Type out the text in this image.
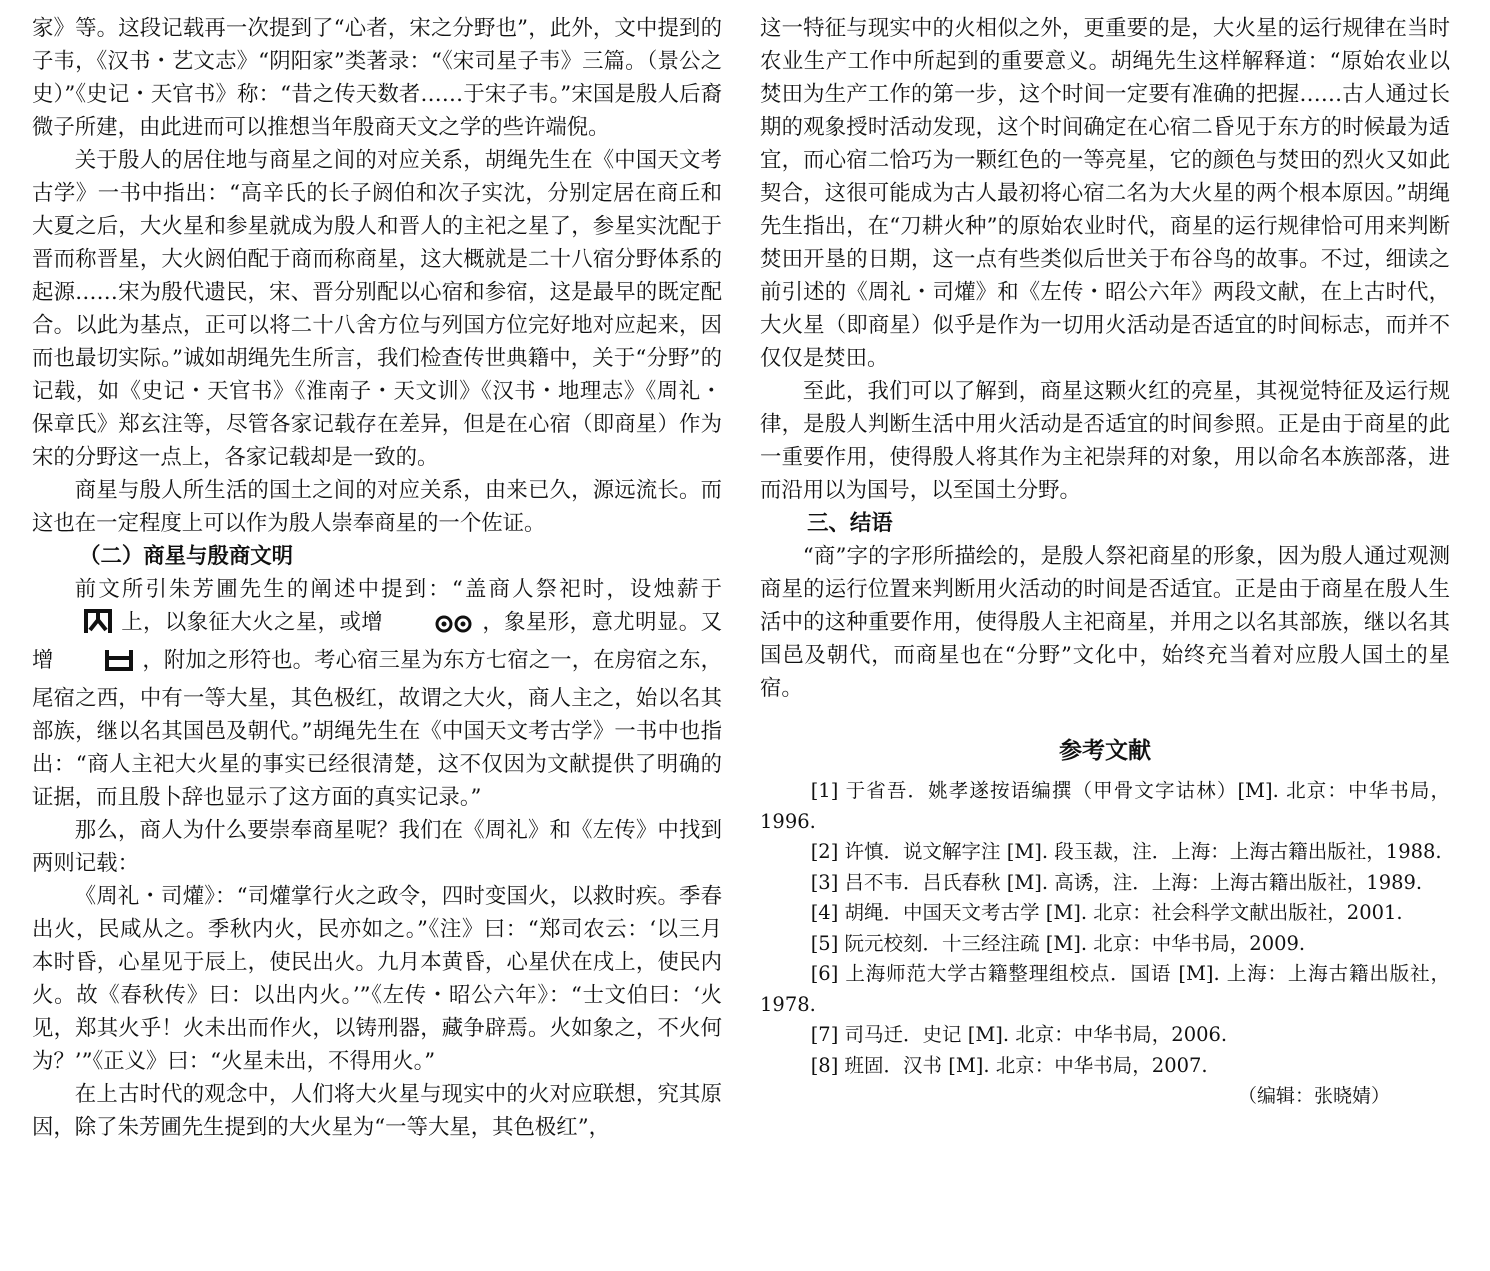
家》等。这段记载再一次提到了“心者，宋之分野也”，此外，文中提到的子韦，《汉书・艺文志》“阴阳家”类著录：“《宋司星子韦》三篇。（景公之史）”《史记・天官书》称：“昔之传天数者……于宋子韦。”宋国是殷人后裔微子所建，由此进而可以推想当年殷商天文之学的些许端倪。

关于殷人的居住地与商星之间的对应关系，胡绳先生在《中国天文考古学》一书中指出：“高辛氏的长子阏伯和次子实沈，分别定居在商丘和大夏之后，大火星和参星就成为殷人和晋人的主祀之星了，参星实沈配于晋而称晋星，大火阏伯配于商而称商星，这大概就是二十八宿分野体系的起源……宋为殷代遗民，宋、晋分别配以心宿和参宿，这是最早的既定配合。以此为基点，正可以将二十八舍方位与列国方位完好地对应起来，因而也最切实际。”诚如胡绳先生所言，我们检查传世典籍中，关于“分野”的记载，如《史记・天官书》《淮南子・天文训》《汉书・地理志》《周礼・保章氏》郑玄注等，尽管各家记载存在差异，但是在心宿（即商星）作为宋的分野这一点上，各家记载却是一致的。

商星与殷人所生活的国土之间的对应关系，由来已久，源远流长。而这也在一定程度上可以作为殷人崇奉商星的一个佐证。

（二）商星与殷商文明

前文所引朱芳圃先生的阐述中提到：“盖商人祭祀时，设烛薪于上，以象征大火之星，或增	，象星形，意尤明显。又增	，附加之形符也。考心宿三星为东方七宿之一，在房宿之东，尾宿之西，中有一等大星，其色极红，故谓之大火，商人主之，始以名其部族，继以名其国邑及朝代。”胡绳先生在《中国天文考古学》一书中也指出：“商人主祀大火星的事实已经很清楚，这不仅因为文献提供了明确的证据，而且殷卜辞也显示了这方面的真实记录。”

那么，商人为什么要崇奉商星呢？我们在《周礼》和《左传》中找到两则记载：

《周礼・司爟》：“司爟掌行火之政令，四时变国火，以救时疾。季春出火，民咸从之。季秋内火，民亦如之。”《注》曰：“郑司农云：‘以三月本时昏，心星见于辰上，使民出火。九月本黄昏，心星伏在戌上，使民内火。故《春秋传》曰：以出内火。’”《左传・昭公六年》：“士文伯曰：‘火见，郑其火乎！火未出而作火，以铸刑器，藏争辟焉。火如象之，不火何为？’”《正义》曰：“火星未出，不得用火。”

在上古时代的观念中，人们将大火星与现实中的火对应联想，究其原因，除了朱芳圃先生提到的大火星为“一等大星，其色极红”，

这一特征与现实中的火相似之外，更重要的是，大火星的运行规律在当时农业生产工作中所起到的重要意义。胡绳先生这样解释道：“原始农业以焚田为生产工作的第一步，这个时间一定要有准确的把握……古人通过长期的观象授时活动发现，这个时间确定在心宿二昏见于东方的时候最为适宜，而心宿二恰巧为一颗红色的一等亮星，它的颜色与焚田的烈火又如此契合，这很可能成为古人最初将心宿二名为大火星的两个根本原因。”胡绳先生指出，在“刀耕火种”的原始农业时代，商星的运行规律恰可用来判断焚田开垦的日期，这一点有些类似后世关于布谷鸟的故事。不过，细读之前引述的《周礼・司爟》和《左传・昭公六年》两段文献，在上古时代，大火星（即商星）似乎是作为一切用火活动是否适宜的时间标志，而并不仅仅是焚田。

至此，我们可以了解到，商星这颗火红的亮星，其视觉特征及运行规律，是殷人判断生活中用火活动是否适宜的时间参照。正是由于商星的此一重要作用，使得殷人将其作为主祀崇拜的对象，用以命名本族部落，进而沿用以为国号，以至国土分野。

三、结语

“商”字的字形所描绘的，是殷人祭祀商星的形象，因为殷人通过观测商星的运行位置来判断用火活动的时间是否适宜。正是由于商星在殷人生活中的这种重要作用，使得殷人主祀商星，并用之以名其部族，继以名其国邑及朝代，而商星也在“分野”文化中，始终充当着对应殷人国土的星宿。

参考文献

[1] 于省吾．姚孝遂按语编撰（甲骨文字诂林）[M]. 北京：中华书局，1996.

[2] 许慎．说文解字注 [M]. 段玉裁，注．上海：上海古籍出版社，1988.

[3] 吕不韦．吕氏春秋 [M]. 高诱，注．上海：上海古籍出版社，1989.

[4] 胡绳．中国天文考古学 [M]. 北京：社会科学文献出版社，2001.

[5] 阮元校刻．十三经注疏 [M]. 北京：中华书局，2009.

[6] 上海师范大学古籍整理组校点．国语 [M]. 上海：上海古籍出版社，1978.

[7] 司马迁．史记 [M]. 北京：中华书局，2006.

[8] 班固．汉书 [M]. 北京：中华书局，2007.

（编辑：张晓婧）
